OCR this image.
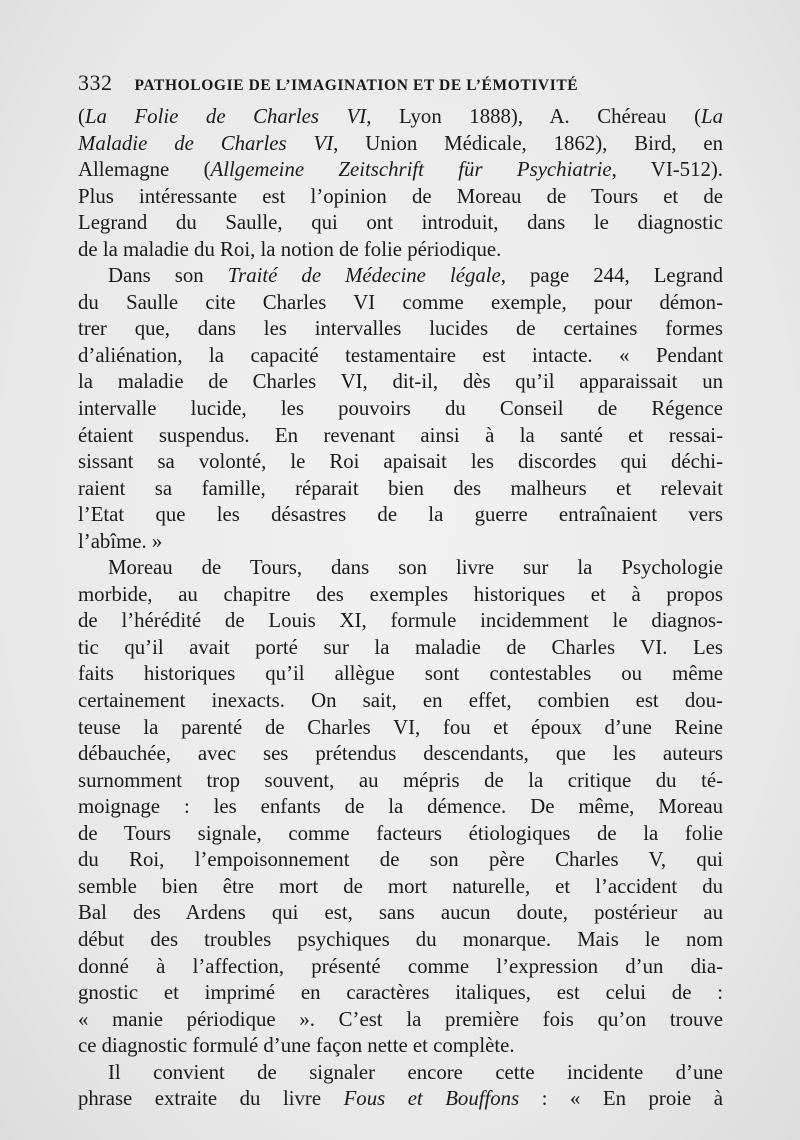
332 PATHOLOGIE DE L’IMAGINATION ET DE L’ÉMOTIVITÉ
(La Folie de Charles VI, Lyon 1888), A. Chéreau (La
Maladie de Charles VI, Union Médicale, 1862), Bird, en
Allemagne (Allgemeine Zeitschrift für Psychiatrie, VI-512).
Plus intéressante est l’opinion de Moreau de Tours et de
Legrand du Saulle, qui ont introduit, dans le diagnostic
de la maladie du Roi, la notion de folie périodique.
Dans son Traité de Médecine légale, page 244, Legrand
du Saulle cite Charles VI comme exemple, pour démon-
trer que, dans les intervalles lucides de certaines formes
d’aliénation, la capacité testamentaire est intacte. « Pendant
la maladie de Charles VI, dit-il, dès qu’il apparaissait un
intervalle lucide, les pouvoirs du Conseil de Régence
étaient suspendus. En revenant ainsi à la santé et ressai-
sissant sa volonté, le Roi apaisait les discordes qui déchi-
raient sa famille, réparait bien des malheurs et relevait
l’Etat que les désastres de la guerre entraînaient vers
l’abîme. »
Moreau de Tours, dans son livre sur la Psychologie
morbide, au chapitre des exemples historiques et à propos
de l’hérédité de Louis XI, formule incidemment le diagnos-
tic qu’il avait porté sur la maladie de Charles VI. Les
faits historiques qu’il allègue sont contestables ou même
certainement inexacts. On sait, en effet, combien est dou-
teuse la parenté de Charles VI, fou et époux d’une Reine
débauchée, avec ses prétendus descendants, que les auteurs
surnomment trop souvent, au mépris de la critique du té-
moignage : les enfants de la démence. De même, Moreau
de Tours signale, comme facteurs étiologiques de la folie
du Roi, l’empoisonnement de son père Charles V, qui
semble bien être mort de mort naturelle, et l’accident du
Bal des Ardens qui est, sans aucun doute, postérieur au
début des troubles psychiques du monarque. Mais le nom
donné à l’affection, présenté comme l’expression d’un dia-
gnostic et imprimé en caractères italiques, est celui de :
« manie périodique ». C’est la première fois qu’on trouve
ce diagnostic formulé d’une façon nette et complète.
Il convient de signaler encore cette incidente d’une
phrase extraite du livre Fous et Bouffons : « En proie à
